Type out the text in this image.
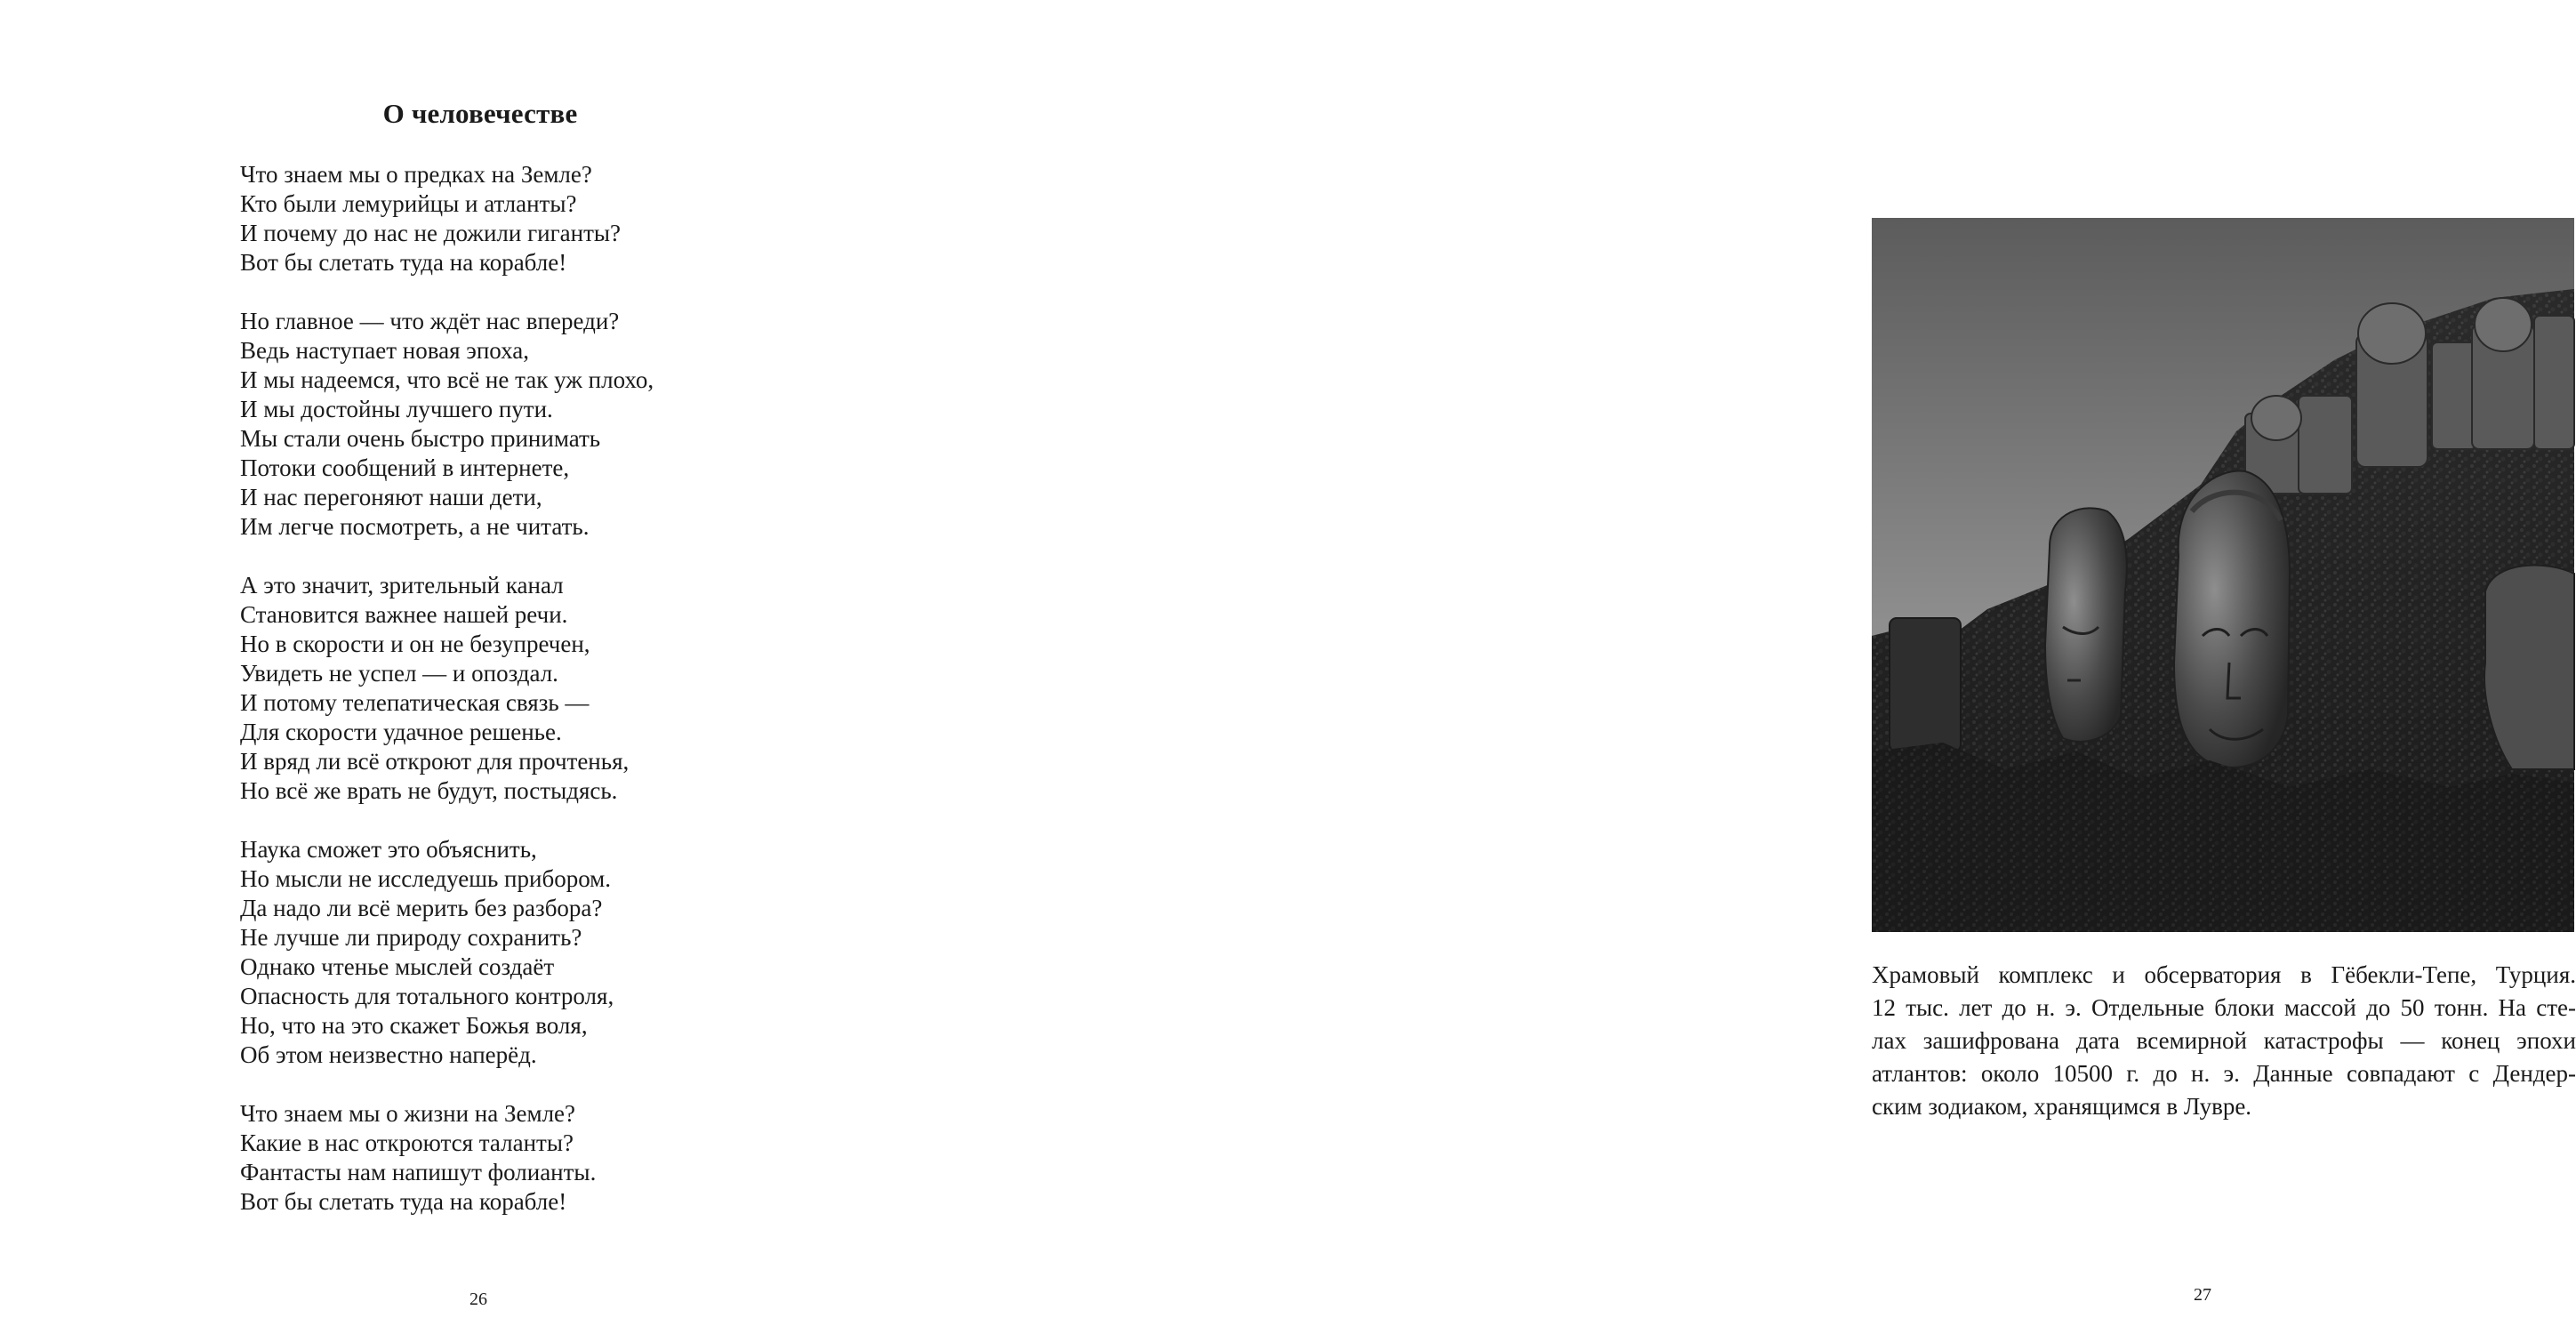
О человечестве
Что знаем мы о предках на Земле?
Кто были лемурийцы и атланты?
И почему до нас не дожили гиганты?
Вот бы слетать туда на корабле!
Но главное — что ждёт нас впереди?
Ведь наступает новая эпоха,
И мы надеемся, что всё не так уж плохо,
И мы достойны лучшего пути.
Мы стали очень быстро принимать
Потоки сообщений в интернете,
И нас перегоняют наши дети,
Им легче посмотреть, а не читать.
А это значит, зрительный канал
Становится важнее нашей речи.
Но в скорости и он не безупречен,
Увидеть не успел — и опоздал.
И потому телепатическая связь —
Для скорости удачное решенье.
И вряд ли всё откроют для прочтенья,
Но всё же врать не будут, постыдясь.
Наука сможет это объяснить,
Но мысли не исследуешь прибором.
Да надо ли всё мерить без разбора?
Не лучше ли природу сохранить?
Однако чтенье мыслей создаёт
Опасность для тотального контроля,
Но, что на это скажет Божья воля,
Об этом неизвестно наперёд.
Что знаем мы о жизни на Земле?
Какие в нас откроются таланты?
Фантасты нам напишут фолианты.
Вот бы слетать туда на корабле!
26
Храмовый комплекс и обсерватория в Гёбекли-Тепе, Турция.
12 тыс. лет до н. э. Отдельные блоки массой до 50 тонн. На сте-
лах зашифрована дата всемирной катастрофы — конец эпохи
атлантов: около 10500 г. до н. э. Данные совпадают с Дендер-
ским зодиаком, хранящимся в Лувре.
27
